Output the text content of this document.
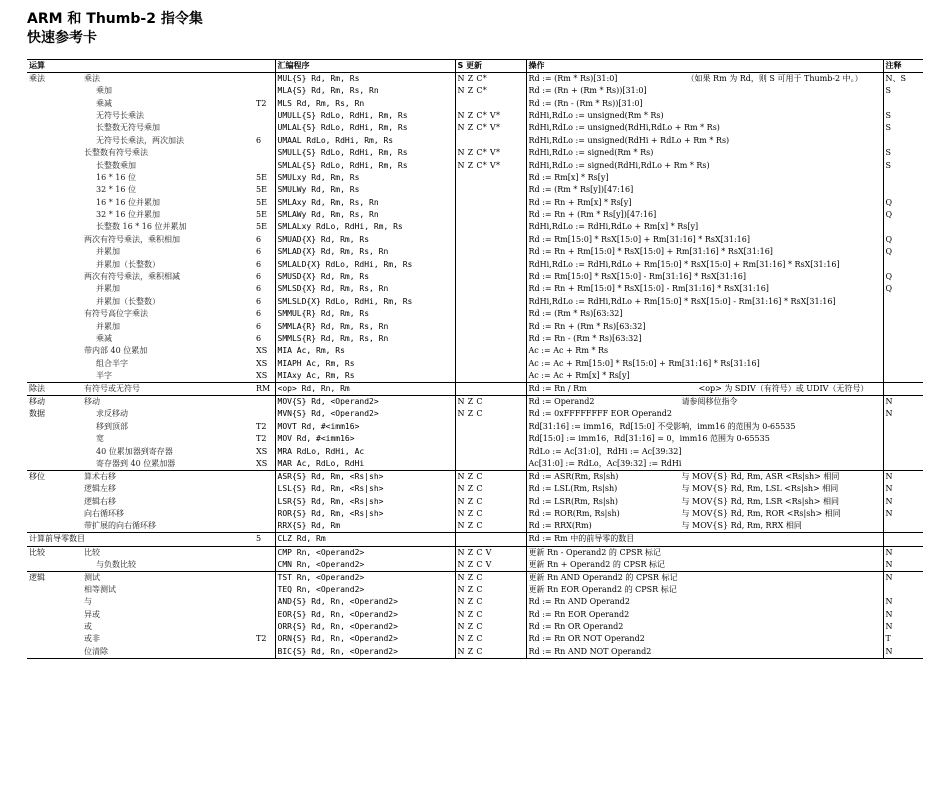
ARM 和 Thumb-2 指令集
快速参考卡
运算			汇编程序	S 更新	操作	注释
乘法	乘法		MUL{S} Rd, Rm, Rs	N Z C*	Rd := (Rm * Rs)[31:0] （如果 Rm 为 Rd，则 S 可用于 Thumb-2 中。）	N、S
	乘加		MLA{S} Rd, Rm, Rs, Rn	N Z C*	Rd := (Rn + (Rm * Rs))[31:0]	S
	乘减	T2	MLS Rd, Rm, Rs, Rn		Rd := (Rn - (Rm * Rs))[31:0]	
	无符号长乘法		UMULL{S} RdLo, RdHi, Rm, Rs	N Z C* V*	RdHi,RdLo := unsigned(Rm * Rs)	S
	长整数无符号乘加		UMLAL{S} RdLo, RdHi, Rm, Rs	N Z C* V*	RdHi,RdLo := unsigned(RdHi,RdLo + Rm * Rs)	S
	无符号长乘法，两次加法	6	UMAAL RdLo, RdHi, Rm, Rs		RdHi,RdLo := unsigned(RdHi + RdLo + Rm * Rs)	
	长整数有符号乘法		SMULL{S} RdLo, RdHi, Rm, Rs	N Z C* V*	RdHi,RdLo := signed(Rm * Rs)	S
	长整数乘加		SMLAL{S} RdLo, RdHi, Rm, Rs	N Z C* V*	RdHi,RdLo := signed(RdHi,RdLo + Rm * Rs)	S
	16 * 16 位	5E	SMULxy Rd, Rm, Rs		Rd := Rm[x] * Rs[y]	
	32 * 16 位	5E	SMULWy Rd, Rm, Rs		Rd := (Rm * Rs[y])[47:16]	
	16 * 16 位并累加	5E	SMLAxy Rd, Rm, Rs, Rn		Rd := Rn + Rm[x] * Rs[y]	Q
	32 * 16 位并累加	5E	SMLAWy Rd, Rm, Rs, Rn		Rd := Rn + (Rm * Rs[y])[47:16]	Q
	长整数 16 * 16 位并累加	5E	SMLALxy RdLo, RdHi, Rm, Rs		RdHi,RdLo := RdHi,RdLo + Rm[x] * Rs[y]	
	两次有符号乘法，乘积相加	6	SMUAD{X} Rd, Rm, Rs		Rd := Rm[15:0] * RsX[15:0] + Rm[31:16] * RsX[31:16]	Q
	并累加	6	SMLAD{X} Rd, Rm, Rs, Rn		Rd := Rn + Rm[15:0] * RsX[15:0] + Rm[31:16] * RsX[31:16]	Q
	并累加（长整数）	6	SMLALD{X} RdLo, RdHi, Rm, Rs		RdHi,RdLo := RdHi,RdLo + Rm[15:0] * RsX[15:0] + Rm[31:16] * RsX[31:16]	
	两次有符号乘法，乘积相减	6	SMUSD{X} Rd, Rm, Rs		Rd := Rm[15:0] * RsX[15:0] - Rm[31:16] * RsX[31:16]	Q
	并累加	6	SMLSD{X} Rd, Rm, Rs, Rn		Rd := Rn + Rm[15:0] * RsX[15:0] - Rm[31:16] * RsX[31:16]	Q
	并累加（长整数）	6	SMLSLD{X} RdLo, RdHi, Rm, Rs		RdHi,RdLo := RdHi,RdLo + Rm[15:0] * RsX[15:0] - Rm[31:16] * RsX[31:16]	
	有符号高位字乘法	6	SMMUL{R} Rd, Rm, Rs		Rd := (Rm * Rs)[63:32]	
	并累加	6	SMMLA{R} Rd, Rm, Rs, Rn		Rd := Rn + (Rm * Rs)[63:32]	
	乘减	6	SMMLS{R} Rd, Rm, Rs, Rn		Rd := Rn - (Rm * Rs)[63:32]	
	带内部 40 位累加	XS	MIA Ac, Rm, Rs		Ac := Ac + Rm * Rs	
	组合半字	XS	MIAPH Ac, Rm, Rs		Ac := Ac + Rm[15:0] * Rs[15:0] + Rm[31:16] * Rs[31:16]	
	半字	XS	MIAxy Ac, Rm, Rs		Ac := Ac + Rm[x] * Rs[y]	
除法	有符号或无符号	RM	<op> Rd, Rn, Rm		Rd := Rn / Rm <op> 为 SDIV（有符号）或 UDIV（无符号）	

移动	移动		MOV{S} Rd, <Operand2>	N Z C	Rd := Operand2 请参阅移位指令	N
数据	求反移动		MVN{S} Rd, <Operand2>	N Z C	Rd := 0xFFFFFFFF EOR Operand2	N
	移到顶部	T2	MOVT Rd, #<imm16>		Rd[31:16] := imm16，Rd[15:0] 不受影响，imm16 的范围为 0-65535	
	宽	T2	MOV Rd, #<imm16>		Rd[15:0] := imm16，Rd[31:16] = 0，imm16 范围为 0-65535	
	40 位累加器到寄存器	XS	MRA RdLo, RdHi, Ac		RdLo := Ac[31:0]，RdHi := Ac[39:32]	
	寄存器到 40 位累加器	XS	MAR Ac, RdLo, RdHi		Ac[31:0] := RdLo，Ac[39:32] := RdHi	
移位	算术右移		ASR{S} Rd, Rm, <Rs|sh>	N Z C	Rd := ASR(Rm, Rs|sh) 与 MOV{S} Rd, Rm, ASR <Rs|sh> 相同	N
	逻辑左移		LSL{S} Rd, Rm, <Rs|sh>	N Z C	Rd := LSL(Rm, Rs|sh) 与 MOV{S} Rd, Rm, LSL <Rs|sh> 相同	N
	逻辑右移		LSR{S} Rd, Rm, <Rs|sh>	N Z C	Rd := LSR(Rm, Rs|sh) 与 MOV{S} Rd, Rm, LSR <Rs|sh> 相同	N
	向右循环移		ROR{S} Rd, Rm, <Rs|sh>	N Z C	Rd := ROR(Rm, Rs|sh) 与 MOV{S} Rd, Rm, ROR <Rs|sh> 相同	N
	带扩展的向右循环移		RRX{S} Rd, Rm	N Z C	Rd := RRX(Rm) 与 MOV{S} Rd, Rm, RRX 相同	

计算前导零数目		5	CLZ Rd, Rm		Rd := Rm 中的前导零的数目	
比较	比较		CMP Rn, <Operand2>	N Z C V	更新 Rn - Operand2 的 CPSR 标记	N
	与负数比较		CMN Rn, <Operand2>	N Z C V	更新 Rn + Operand2 的 CPSR 标记	N
逻辑	测试		TST Rn, <Operand2>	N Z C	更新 Rn AND Operand2 的 CPSR 标记	N
	相等测试		TEQ Rn, <Operand2>	N Z C	更新 Rn EOR Operand2 的 CPSR 标记	
	与		AND{S} Rd, Rn, <Operand2>	N Z C	Rd := Rn AND Operand2	N
	异或		EOR{S} Rd, Rn, <Operand2>	N Z C	Rd := Rn EOR Operand2	N
	或		ORR{S} Rd, Rn, <Operand2>	N Z C	Rd := Rn OR Operand2	N
	或非	T2	ORN{S} Rd, Rn, <Operand2>	N Z C	Rd := Rn OR NOT Operand2	T
	位清除		BIC{S} Rd, Rn, <Operand2>	N Z C	Rd := Rn AND NOT Operand2	N
